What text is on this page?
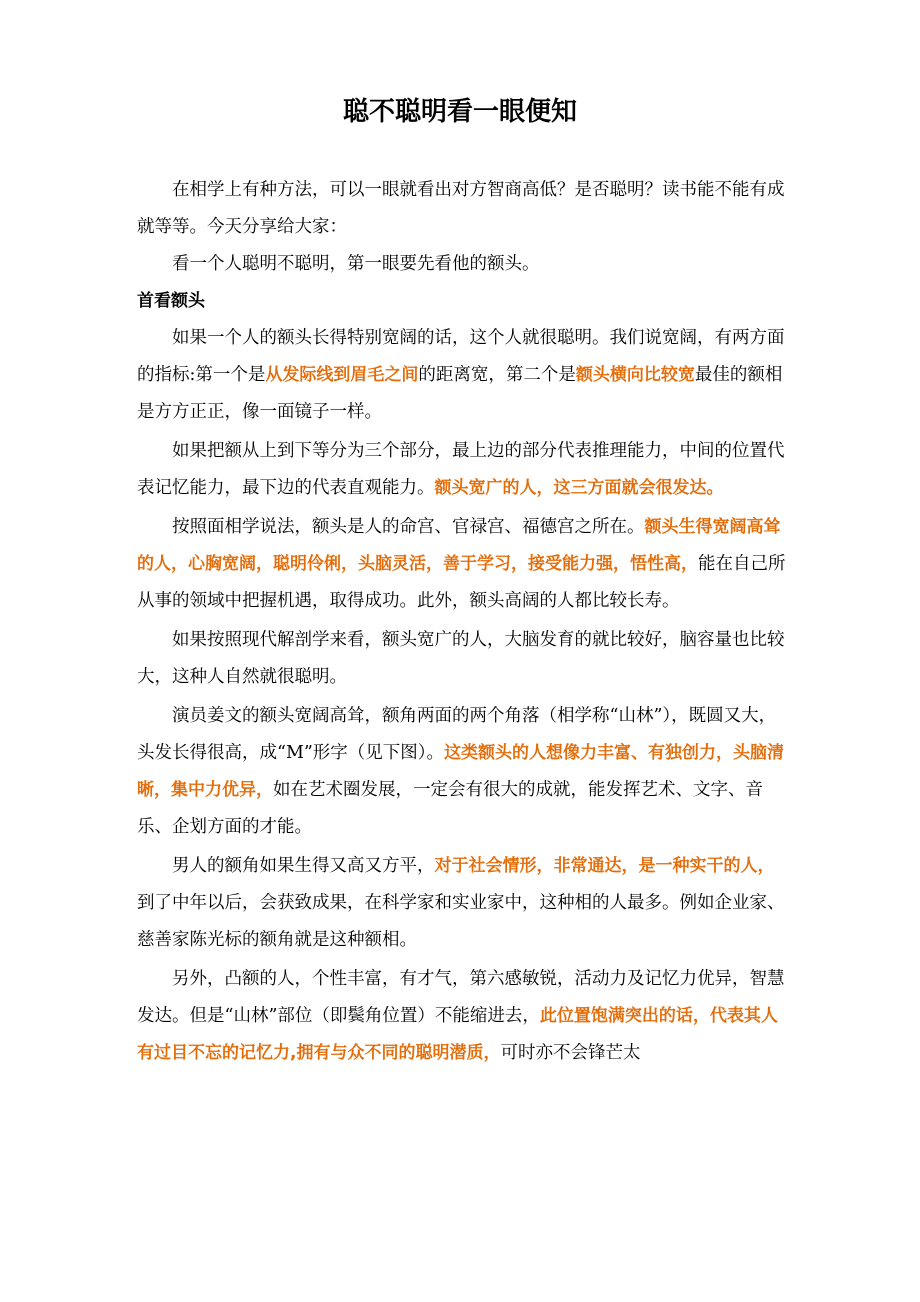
聪不聪明看一眼便知

在相学上有种方法，可以一眼就看出对方智商高低？是否聪明？读书能不能有成就等等。今天分享给大家：

看一个人聪明不聪明，第一眼要先看他的额头。

首看额头

如果一个人的额头长得特别宽阔的话，这个人就很聪明。我们说宽阔，有两方面的指标:第一个是从发际线到眉毛之间的距离宽，第二个是额头横向比较宽最佳的额相是方方正正，像一面镜子一样。

如果把额从上到下等分为三个部分，最上边的部分代表推理能力，中间的位置代表记忆能力，最下边的代表直观能力。额头宽广的人，这三方面就会很发达。

按照面相学说法，额头是人的命宫、官禄宫、福德宫之所在。额头生得宽阔高耸的人，心胸宽阔，聪明伶俐，头脑灵活，善于学习，接受能力强，悟性高，能在自己所从事的领域中把握机遇，取得成功。此外，额头高阔的人都比较长寿。

如果按照现代解剖学来看，额头宽广的人，大脑发育的就比较好，脑容量也比较大，这种人自然就很聪明。

演员姜文的额头宽阔高耸，额角两面的两个角落（相学称“山林”），既圆又大，头发长得很高，成“M”形字（见下图）。这类额头的人想像力丰富、有独创力，头脑清晰，集中力优异，如在艺术圈发展，一定会有很大的成就，能发挥艺术、文字、音乐、企划方面的才能。

男人的额角如果生得又高又方平，对于社会情形，非常通达，是一种实干的人，到了中年以后，会获致成果，在科学家和实业家中，这种相的人最多。例如企业家、慈善家陈光标的额角就是这种额相。

另外，凸额的人，个性丰富，有才气，第六感敏锐，活动力及记忆力优异，智慧发达。但是“山林”部位（即鬓角位置）不能缩进去，此位置饱满突出的话，代表其人有过目不忘的记忆力,拥有与众不同的聪明潜质，可时亦不会锋芒太
